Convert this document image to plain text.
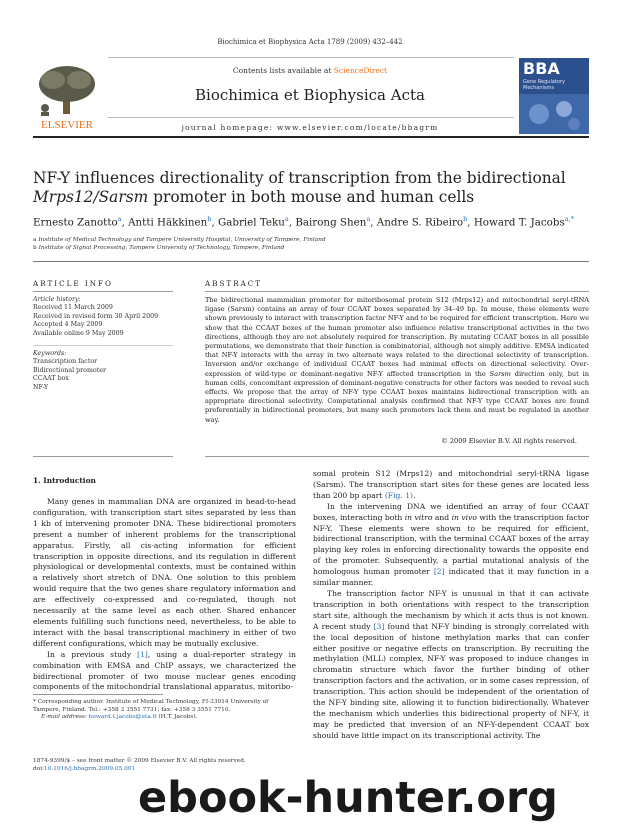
Biochimica et Biophysica Acta 1789 (2009) 432–442
ELSEVIER
Contents lists available at ScienceDirect
Biochimica et Biophysica Acta
journal homepage: www.elsevier.com/locate/bbagrm
BBA
Gene Regulatory Mechanisms
NF-Y influences directionality of transcription from the bidirectional Mrps12/Sarsm promoter in both mouse and human cells
Ernesto Zanotto$^a$, Antti Häkkinen$^b$, Gabriel Teku$^a$, Bairong Shen$^a$, Andre S. Ribeiro$^b$, Howard T. Jacobs$^{a,*}$
a Institute of Medical Technology and Tampere University Hospital, University of Tampere, Finland
b Institute of Signal Processing, Tampere University of Technology, Tampere, Finland
ARTICLE INFO
Article history:
Received 11 March 2009
Received in revised form 30 April 2009
Accepted 4 May 2009
Available online 9 May 2009
Keywords:
Transcription factor
Bidirectional promoter
CCAAT box
NF-Y
ABSTRACT
The bidirectional mammalian promoter for mitoribosomal protein S12 (Mrps12) and mitochondrial seryl-tRNA ligase (Sarsm) contains an array of four CCAAT boxes separated by 34–49 bp. In mouse, these elements were shown previously to interact with transcription factor NF-Y and to be required for efficient transcription. Here we show that the CCAAT boxes of the human promoter also influence relative transcriptional activities in the two directions, although they are not absolutely required for transcription. By mutating CCAAT boxes in all possible permutations, we demonstrate that their function is combinatorial, although not simply additive. EMSA indicated that NF-Y interacts with the array in two alternate ways related to the directional selectivity of transcription. Inversion and/or exchange of individual CCAAT boxes had minimal effects on directional selectivity. Over-expression of wild-type or dominant-negative NF-Y affected transcription in the Sarsm direction only, but in human cells, concomitant expression of dominant-negative constructs for other factors was needed to reveal such effects. We propose that the array of NF-Y type CCAAT boxes maintains bidirectional transcription with an appropriate directional selectivity. Computational analysis confirmed that NF-Y type CCAAT boxes are found preferentially in bidirectional promoters, but many such promoters lack them and must be regulated in another way.
© 2009 Elsevier B.V. All rights reserved.
1. Introduction

Many genes in mammalian DNA are organized in head-to-head configuration, with transcription start sites separated by less than 1 kb of intervening promoter DNA. These bidirectional promoters present a number of inherent problems for the transcriptional apparatus. Firstly, all cis-acting information for efficient transcription in opposite directions, and its regulation in different physiological or developmental contexts, must be contained within a relatively short stretch of DNA. One solution to this problem would require that the two genes share regulatory information and are effectively co-expressed and co-regulated, though not necessarily at the same level as each other. Shared enhancer elements fulfilling such functions need, nevertheless, to be able to interact with the basal transcriptional machinery in either of two different configurations, which may be mutually exclusive.

In a previous study [1], using a dual-reporter strategy in combination with EMSA and ChIP assays, we characterized the bidirectional promoter of two mouse nuclear genes encoding components of the mitochondrial translational apparatus, mitoribo-

somal protein S12 (Mrps12) and mitochondrial seryl-tRNA ligase (Sarsm). The transcription start sites for these genes are located less than 200 bp apart (Fig. 1).

In the intervening DNA we identified an array of four CCAAT boxes, interacting both in vitro and in vivo with the transcription factor NF-Y. These elements were shown to be required for efficient, bidirectional transcription, with the terminal CCAAT boxes of the array playing key roles in enforcing directionality towards the opposite end of the promoter. Subsequently, a partial mutational analysis of the homologous human promoter [2] indicated that it may function in a similar manner.

The transcription factor NF-Y is unusual in that it can activate transcription in both orientations with respect to the transcription start site, although the mechanism by which it acts thus is not known. A recent study [3] found that NF-Y binding is strongly correlated with the local deposition of histone methylation marks that can confer either positive or negative effects on transcription. By recruiting the methylation (MLL) complex, NF-Y was proposed to induce changes in chromatin structure which favor the further binding of other transcription factors and the activation, or in some cases repression, of transcription. This action should be independent of the orientation of the NF-Y binding site, allowing it to function bidirectionally. Whatever the mechanism which underlies this bidirectional property of NF-Y, it may be predicted that inversion of an NF-Y-dependent CCAAT box should have little impact on its transcriptional activity. The

* Corresponding author. Institute of Medical Technology, FI-33014 University of Tampere, Finland. Tel.: +358 3 3551 7731; fax: +358 3 3551 7710.
E-mail address: howard.t.jacobs@uta.fi (H.T. Jacobs).
1874-9399/$ – see front matter © 2009 Elsevier B.V. All rights reserved.
doi:10.1016/j.bbagrm.2009.05.001
ebook-hunter.org
